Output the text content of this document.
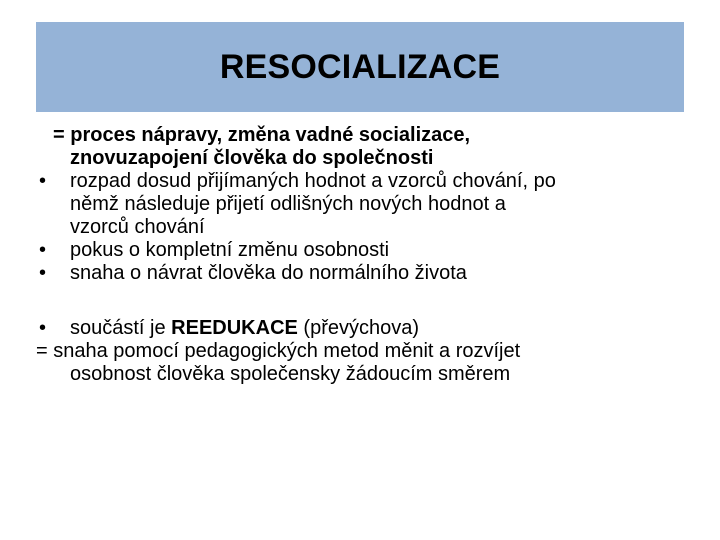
RESOCIALIZACE
= proces nápravy, změna vadné socializace,
znovuzapojení člověka do společnosti
• rozpad dosud přijímaných hodnot a vzorců chování, po
němž následuje přijetí odlišných nových hodnot a
vzorců chování
• pokus o kompletní změnu osobnosti
• snaha o návrat člověka do normálního života
• součástí je REEDUKACE (převýchova)
= snaha pomocí pedagogických metod měnit a rozvíjet
osobnost člověka společensky žádoucím směrem
